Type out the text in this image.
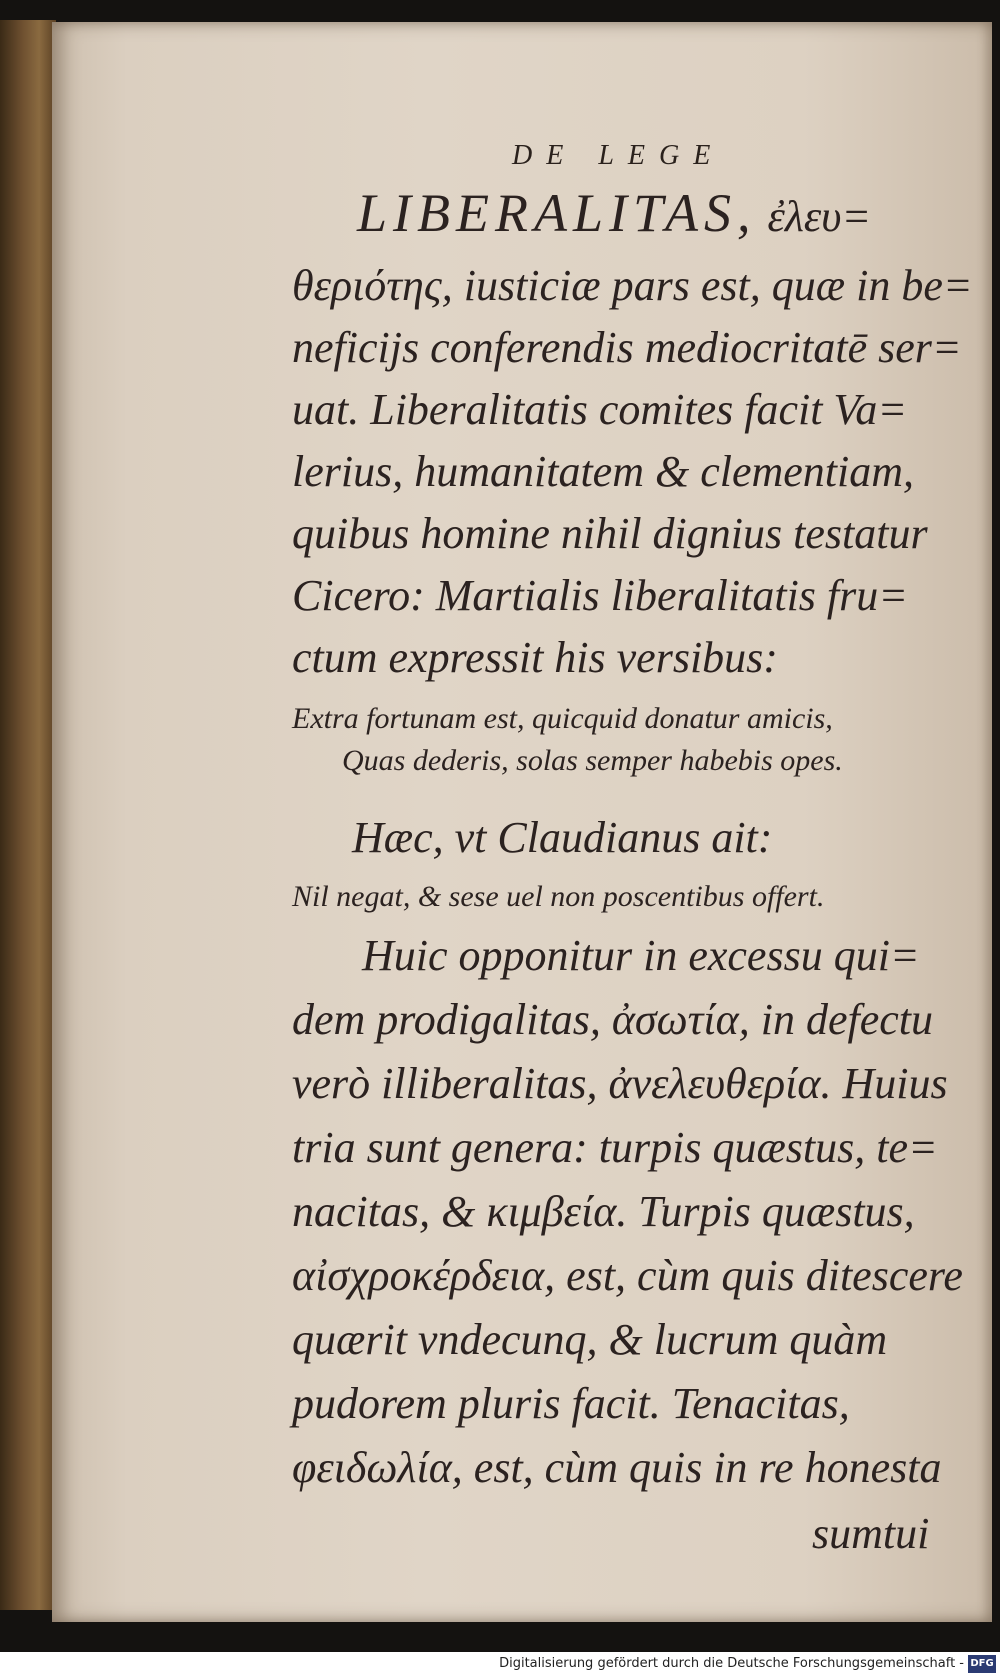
DE LEGE
LIBERALITAS, ἐλευ=
θεριότης, iusticiæ pars est, quæ in be=
neficijs conferendis mediocritatē ser=
uat. Liberalitatis comites facit Va=
lerius, humanitatem & clementiam,
quibus homine nihil dignius testatur
Cicero: Martialis liberalitatis fru=
ctum expressit his versibus:
Extra fortunam est, quicquid donatur amicis,
Quas dederis, solas semper habebis opes.
Hæc, vt Claudianus ait:
Nil negat, & sese uel non poscentibus offert.
Huic opponitur in excessu qui=
dem prodigalitas, ἀσωτία, in defectu
verò illiberalitas, ἀνελευθερία. Huius
tria sunt genera: turpis quæstus, te=
nacitas, & κιμβεία. Turpis quæstus,
αἰσχροκέρδεια, est, cùm quis ditescere
quærit vndecunq, & lucrum quàm
pudorem pluris facit. Tenacitas,
φειδωλία, est, cùm quis in re honesta
sumtui
Digitalisierung gefördert durch die Deutsche Forschungsgemeinschaft - DFG
